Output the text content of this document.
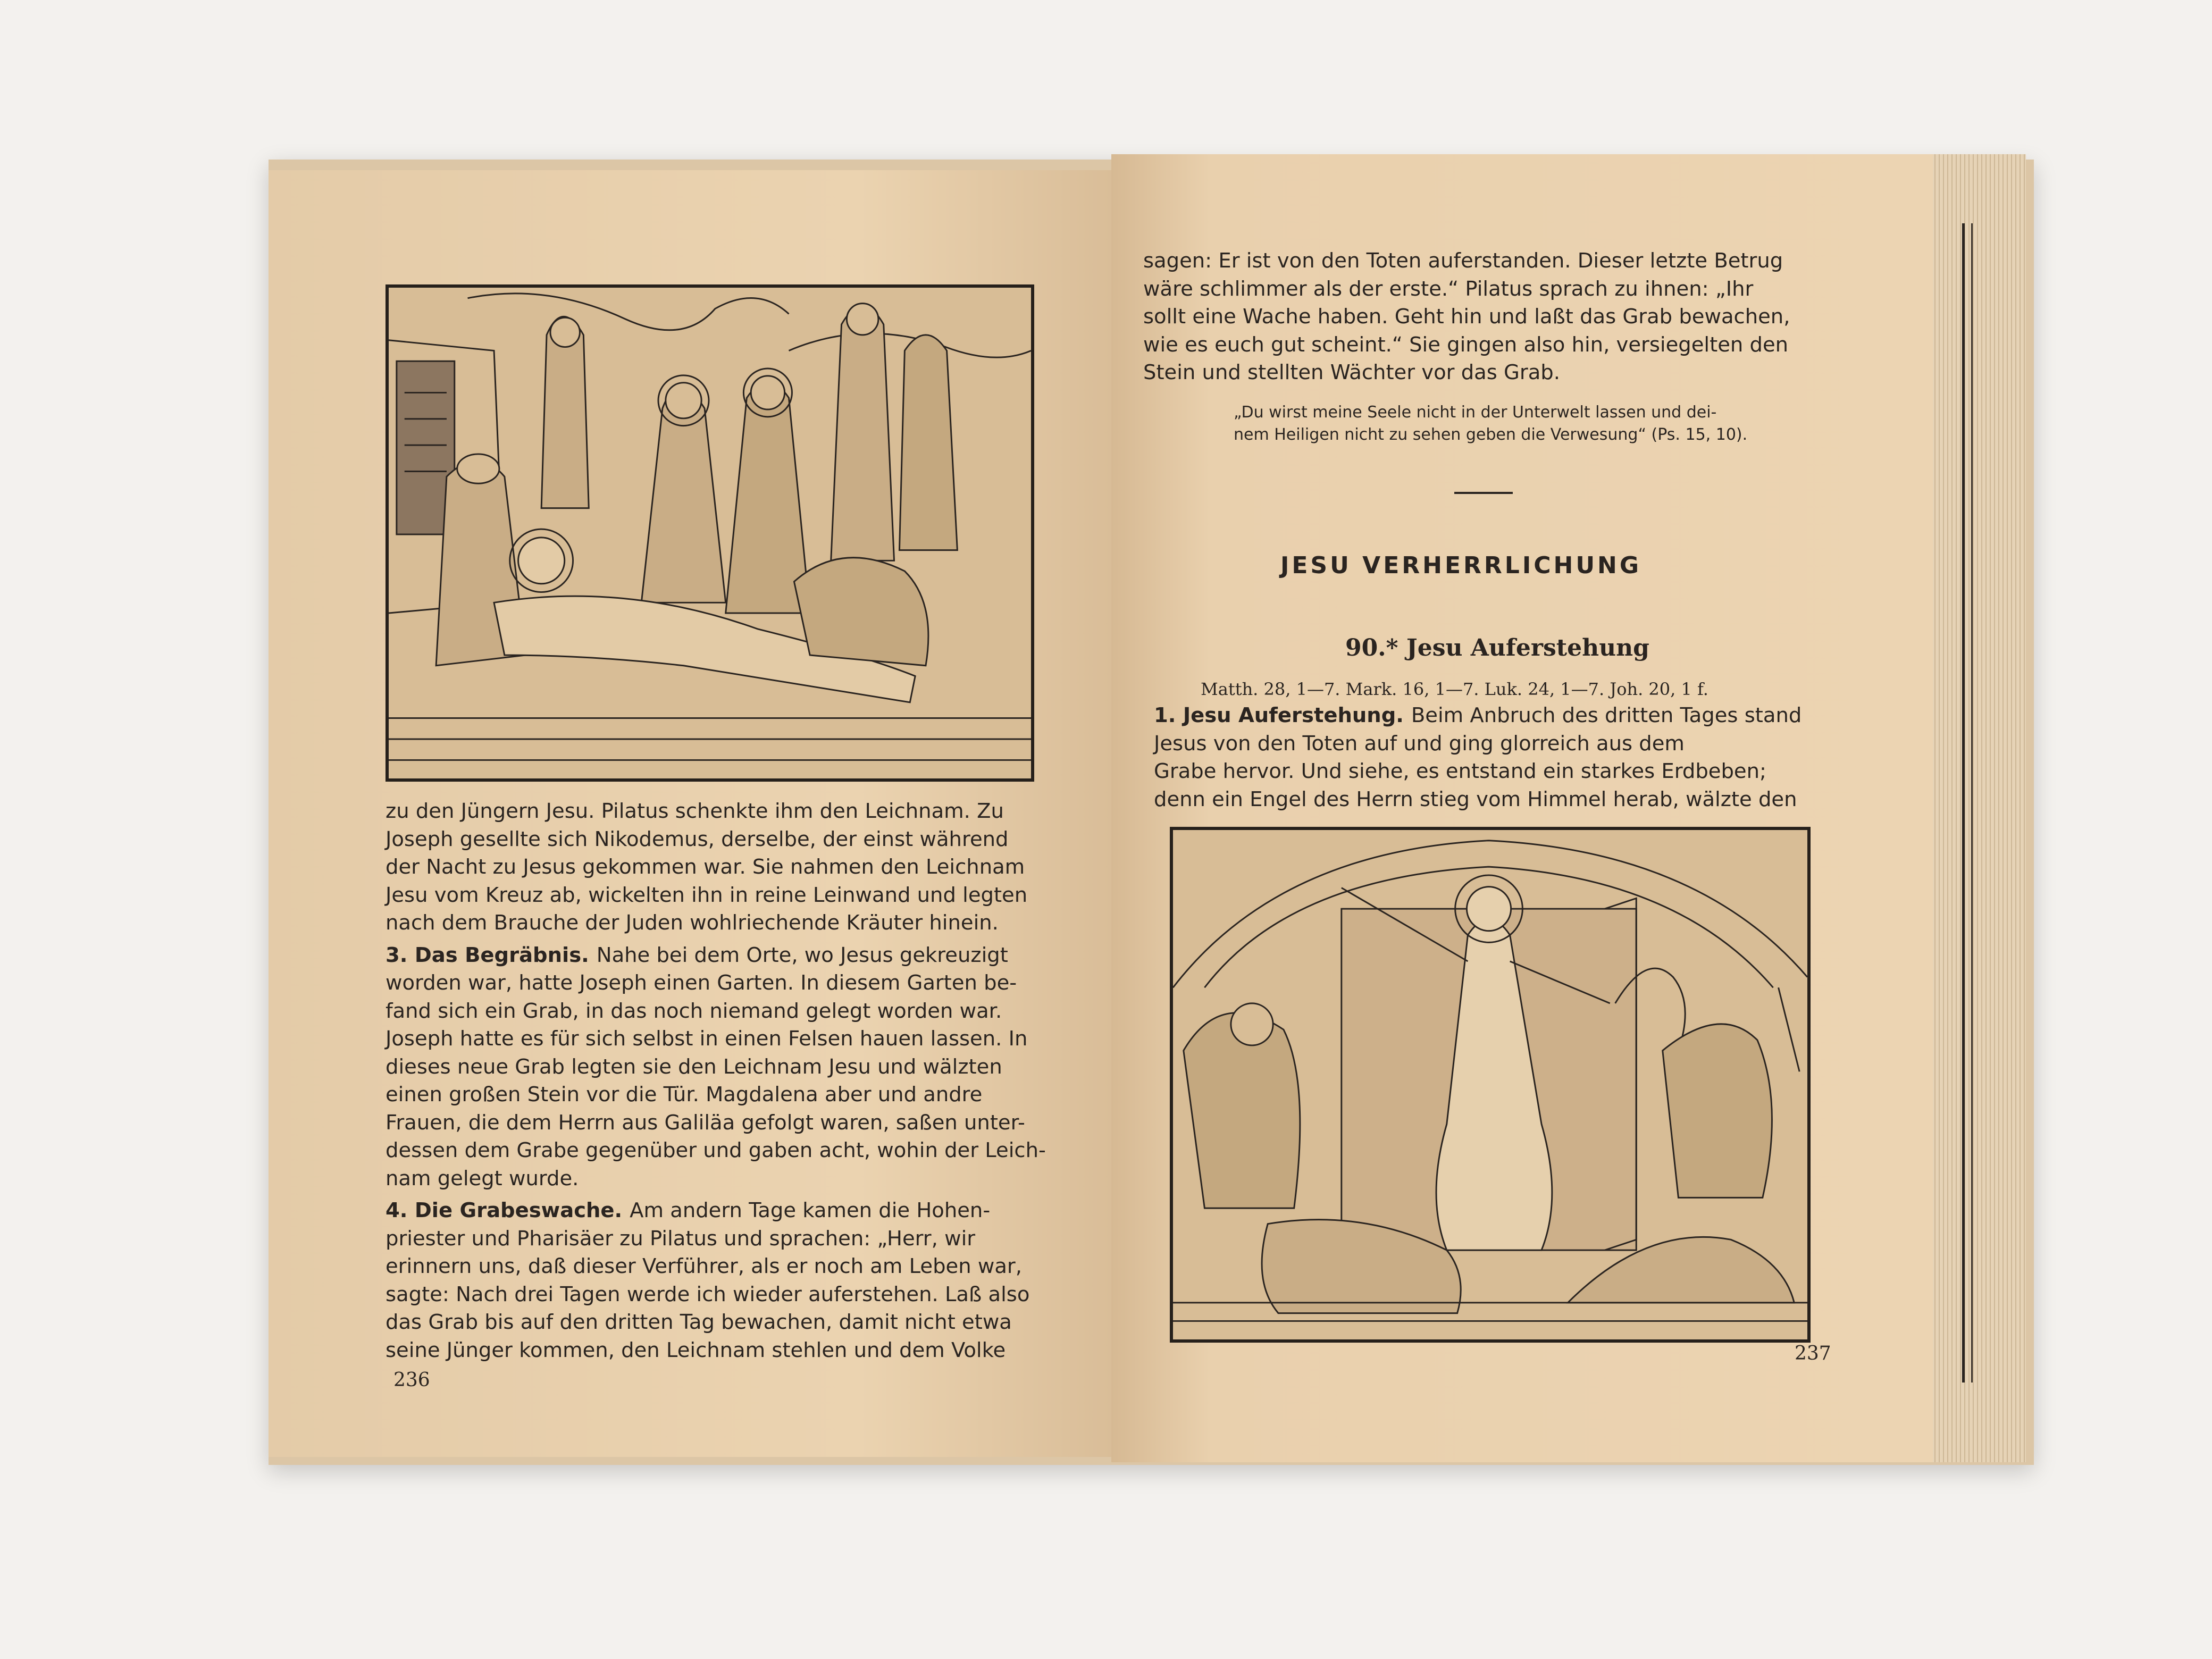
zu den Jüngern Jesu. Pilatus schenkte ihm den Leichnam. Zu
Joseph gesellte sich Nikodemus, derselbe, der einst während
der Nacht zu Jesus gekommen war. Sie nahmen den Leichnam
Jesu vom Kreuz ab, wickelten ihn in reine Leinwand und legten
nach dem Brauche der Juden wohlriechende Kräuter hinein.

3. Das Begräbnis. Nahe bei dem Orte, wo Jesus gekreuzigt
worden war, hatte Joseph einen Garten. In diesem Garten be-
fand sich ein Grab, in das noch niemand gelegt worden war.
Joseph hatte es für sich selbst in einen Felsen hauen lassen. In
dieses neue Grab legten sie den Leichnam Jesu und wälzten
einen großen Stein vor die Tür. Magdalena aber und andre
Frauen, die dem Herrn aus Galiläa gefolgt waren, saßen unter-
dessen dem Grabe gegenüber und gaben acht, wohin der Leich-
nam gelegt wurde.

4. Die Grabeswache. Am andern Tage kamen die Hohen-
priester und Pharisäer zu Pilatus und sprachen: „Herr, wir
erinnern uns, daß dieser Verführer, als er noch am Leben war,
sagte: Nach drei Tagen werde ich wieder auferstehen. Laß also
das Grab bis auf den dritten Tag bewachen, damit nicht etwa
seine Jünger kommen, den Leichnam stehlen und dem Volke

236

sagen: Er ist von den Toten auferstanden. Dieser letzte Betrug
wäre schlimmer als der erste.“ Pilatus sprach zu ihnen: „Ihr
sollt eine Wache haben. Geht hin und laßt das Grab bewachen,
wie es euch gut scheint.“ Sie gingen also hin, versiegelten den
Stein und stellten Wächter vor das Grab.

„Du wirst meine Seele nicht in der Unterwelt lassen und dei-
nem Heiligen nicht zu sehen geben die Verwesung“ (Ps. 15, 10).
JESU VERHERRLICHUNG
90.* Jesu Auferstehung
Matth. 28, 1—7. Mark. 16, 1—7. Luk. 24, 1—7. Joh. 20, 1 f.

1. Jesu Auferstehung. Beim Anbruch des dritten Tages stand
Jesus von den Toten auf und ging glorreich aus dem
Grabe hervor. Und siehe, es entstand ein starkes Erdbeben;
denn ein Engel des Herrn stieg vom Himmel herab, wälzte den

237
